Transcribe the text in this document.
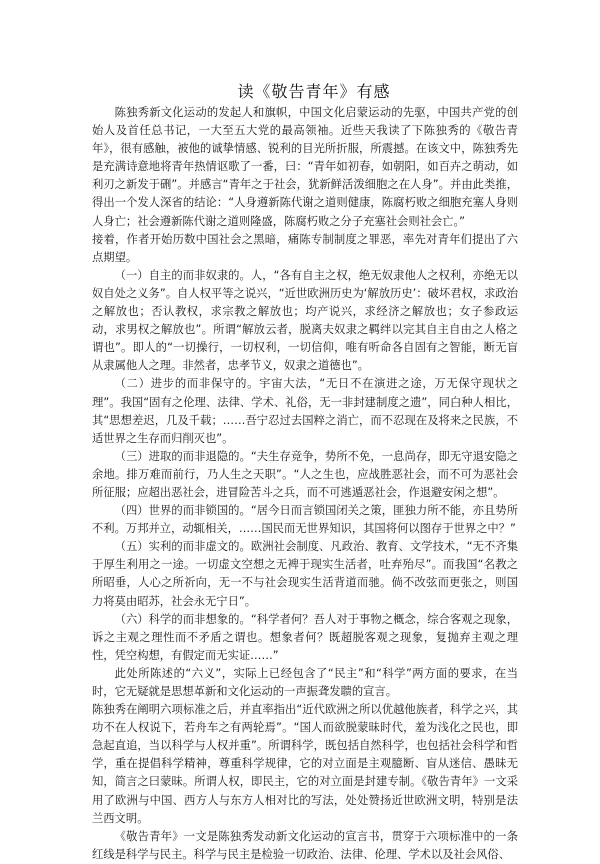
读《敬告青年》有感

陈独秀新文化运动的发起人和旗帜，中国文化启蒙运动的先驱，中国共产党的创始人及首任总书记，一大至五大党的最高领袖。近些天我读了下陈独秀的《敬告青年》，很有感触，被他的诚挚情感、锐利的目光所折服，所震撼。在该文中，陈独秀先是充满诗意地将青年热情讴歌了一番，曰：“青年如初春，如朝阳，如百卉之萌动，如利刃之新发于硎”。并感言“青年之于社会，犹新鲜活泼细胞之在人身”。并由此类推，得出一个发人深省的结论：“人身遵新陈代谢之道则健康，陈腐朽败之细胞充塞人身则人身亡；社会遵新陈代谢之道则隆盛，陈腐朽败之分子充塞社会则社会亡。”

接着，作者开始历数中国社会之黑暗，痛陈专制制度之罪恶，率先对青年们提出了六点期望。

（一）自主的而非奴隶的。人，“各有自主之权，绝无奴隶他人之权利，亦绝无以奴自处之义务”。自人权平等之说兴，“近世欧洲历史为‘解放历史’：破坏君权，求政治之解放也；否认教权，求宗教之解放也；均产说兴，求经济之解放也；女子参政运动，求男权之解放也”。所谓“解放云者，脱离夫奴隶之羁绊以完其自主自由之人格之谓也”。即人的“一切操行，一切权利，一切信仰，唯有听命各自固有之智能，断无盲从隶属他人之理。非然者，忠孝节义，奴隶之道德也”。

（二）进步的而非保守的。宇宙大法，“无日不在演进之途，万无保守现状之理”。我国“固有之伦理、法律、学术、礼俗，无一非封建制度之遗”，同白种人相比，其“思想差迟，几及千载；……吾宁忍过去国粹之消亡，而不忍现在及将来之民族，不适世界之生存而归削灭也”。

（三）进取的而非退隐的。“夫生存竞争，势所不免，一息尚存，即无守退安隐之余地。排万难而前行，乃人生之天职”。“人之生也，应战胜恶社会，而不可为恶社会所征服；应超出恶社会，进冒险苦斗之兵，而不可逃遁恶社会，作退避安闲之想”。

（四）世界的而非锁国的。“居今日而言锁国闭关之策，匪独力所不能，亦且势所不利。万邦并立，动辄相关，……国民而无世界知识，其国将何以图存于世界之中？”

（五）实利的而非虚文的。欧洲社会制度、凡政治、教育、文学技术，“无不齐集于厚生利用之一途。一切虚文空想之无裨于现实生活者，吐弃殆尽”。而我国“名教之所昭垂，人心之所祈向，无一不与社会现实生活背道而驰。倘不改弦而更张之，则国力将莫由昭苏，社会永无宁日”。

（六）科学的而非想象的。“科学者何？吾人对于事物之概念，综合客观之现象，诉之主观之理性而不矛盾之谓也。想象者何？既超脱客观之现象，复抛弃主观之理性，凭空构想，有假定而无实证……”

此处所陈述的“六义”，实际上已经包含了“民主”和“科学”两方面的要求，在当时，它无疑就是思想革新和文化运动的一声振聋发聩的宣言。

陈独秀在阐明六项标准之后，并直率指出“近代欧洲之所以优越他族者，科学之兴，其功不在人权说下，若舟车之有两轮焉”。“国人而欲脱蒙昧时代，羞为浅化之民也，即急起直追，当以科学与人权并重”。所谓科学，既包括自然科学，也包括社会科学和哲学，重在提倡科学精神，尊重科学规律，它的对立面是主观臆断、盲从迷信、愚昧无知，简言之曰蒙昧。所谓人权，即民主，它的对立面是封建专制。《敬告青年》一文采用了欧洲与中国、西方人与东方人相对比的写法，处处赞扬近世欧洲文明，特别是法兰西文明。

《敬告青年》一文是陈独秀发动新文化运动的宣言书，贯穿于六项标准中的一条红线是科学与民主。科学与民主是检验一切政治、法律、伦理、学术以及社会风俗、
